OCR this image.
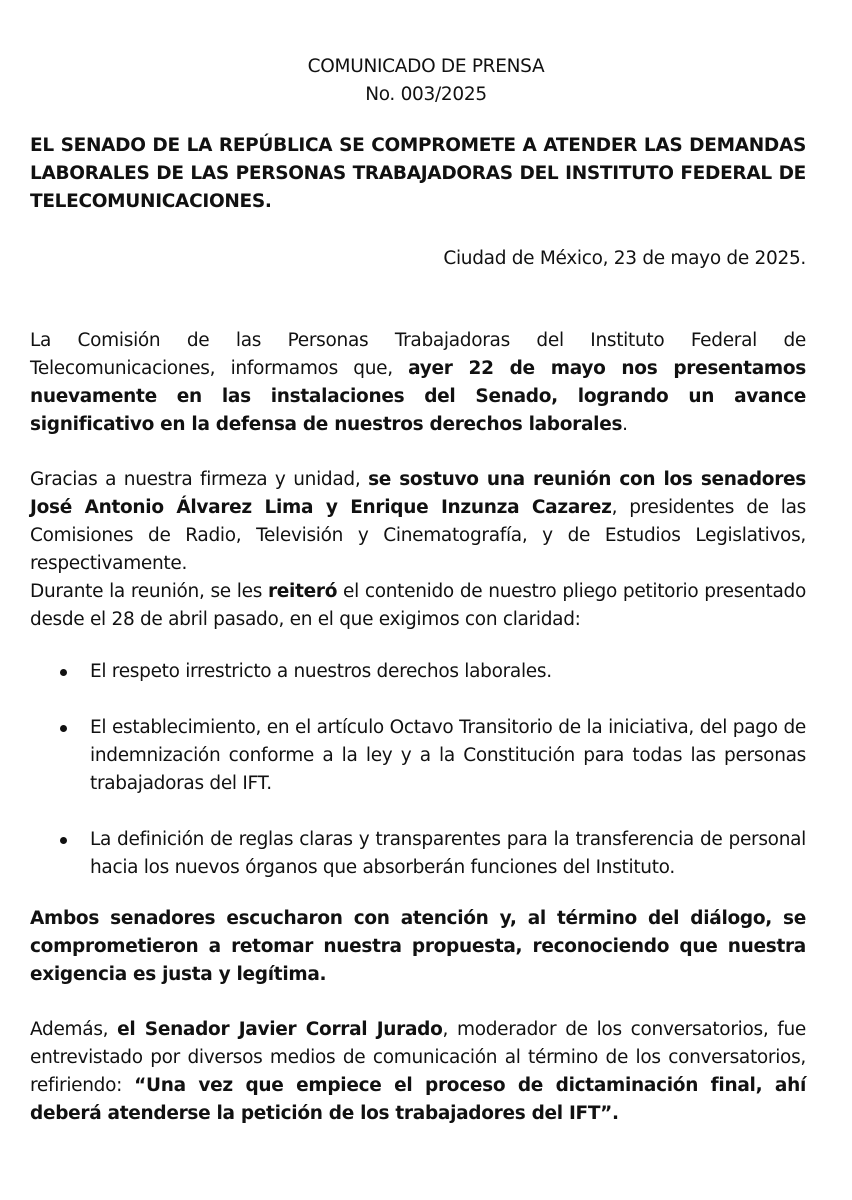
COMUNICADO DE PRENSA
No. 003/2025
EL SENADO DE LA REPÚBLICA SE COMPROMETE A ATENDER LAS DEMANDAS LABORALES DE LAS PERSONAS TRABAJADORAS DEL INSTITUTO FEDERAL DE TELECOMUNICACIONES.
Ciudad de México, 23 de mayo de 2025.
La Comisión de las Personas Trabajadoras del Instituto Federal de Telecomunicaciones, informamos que, ayer 22 de mayo nos presentamos nuevamente en las instalaciones del Senado, logrando un avance significativo en la defensa de nuestros derechos laborales.
Gracias a nuestra firmeza y unidad, se sostuvo una reunión con los senadores José Antonio Álvarez Lima y Enrique Inzunza Cazarez, presidentes de las Comisiones de Radio, Televisión y Cinematografía, y de Estudios Legislativos, respectivamente.
Durante la reunión, se les reiteró el contenido de nuestro pliego petitorio presentado desde el 28 de abril pasado, en el que exigimos con claridad:
El respeto irrestricto a nuestros derechos laborales.
El establecimiento, en el artículo Octavo Transitorio de la iniciativa, del pago de indemnización conforme a la ley y a la Constitución para todas las personas trabajadoras del IFT.
La definición de reglas claras y transparentes para la transferencia de personal hacia los nuevos órganos que absorberán funciones del Instituto.
Ambos senadores escucharon con atención y, al término del diálogo, se comprometieron a retomar nuestra propuesta, reconociendo que nuestra exigencia es justa y legítima.
Además, el Senador Javier Corral Jurado, moderador de los conversatorios, fue entrevistado por diversos medios de comunicación al término de los conversatorios, refiriendo: “Una vez que empiece el proceso de dictaminación final, ahí deberá atenderse la petición de los trabajadores del IFT”.
